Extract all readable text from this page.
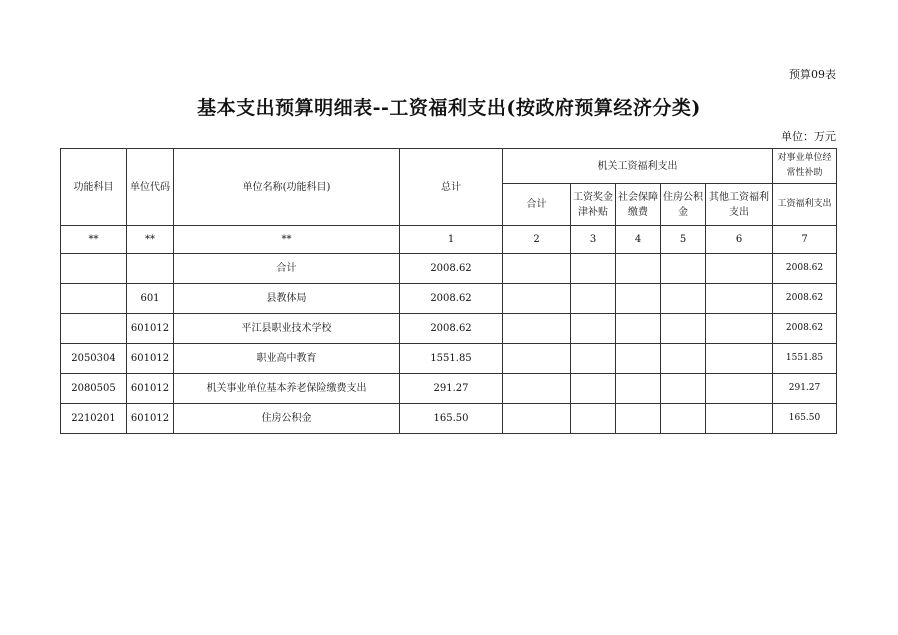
预算09表
基本支出预算明细表--工资福利支出(按政府预算经济分类)
单位：万元
功能科目	单位代码	单位名称(功能科目)	总计	机关工资福利支出					对事业单位经常性补助
				合计	工资奖金津补贴	社会保障缴费	住房公积金	其他工资福利支出	工资福利支出
**	**	**	1	2	3	4	5	6	7
		合计	2008.62						2008.62
	601	县教体局	2008.62						2008.62
	601012	平江县职业技术学校	2008.62						2008.62
2050304	601012	职业高中教育	1551.85						1551.85
2080505	601012	机关事业单位基本养老保险缴费支出	291.27						291.27
2210201	601012	住房公积金	165.50						165.50
